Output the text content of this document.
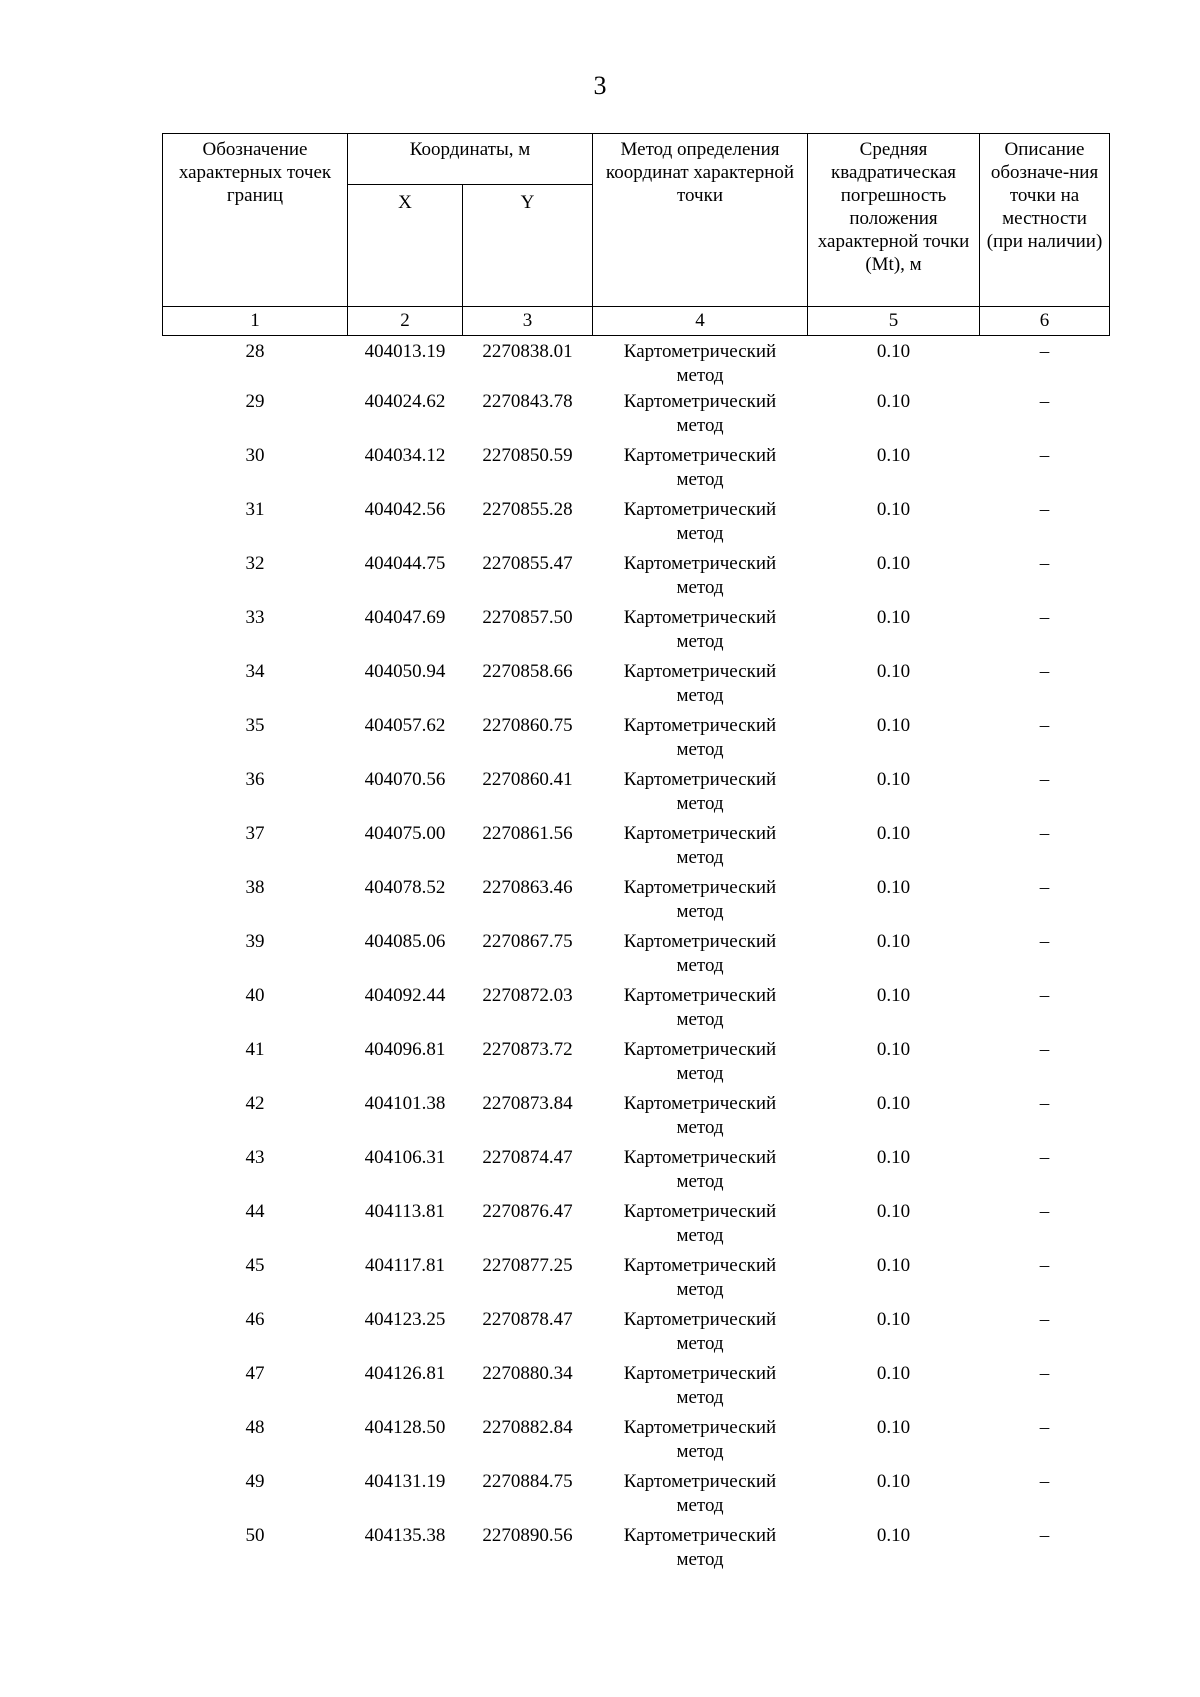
3
Обозначение характерных точек границ	Координаты, м		Метод определения координат характерной точки	Средняя квадратическая погрешность положения характерной точки (Mt), м	Описание обозначе-ния точки на местности (при наличии)
	X	Y			
1	2	3	4	5	6
28	404013.19	2270838.01	Картометрический метод	0.10	–
29	404024.62	2270843.78	Картометрический метод	0.10	–
30	404034.12	2270850.59	Картометрический метод	0.10	–
31	404042.56	2270855.28	Картометрический метод	0.10	–
32	404044.75	2270855.47	Картометрический метод	0.10	–
33	404047.69	2270857.50	Картометрический метод	0.10	–
34	404050.94	2270858.66	Картометрический метод	0.10	–
35	404057.62	2270860.75	Картометрический метод	0.10	–
36	404070.56	2270860.41	Картометрический метод	0.10	–
37	404075.00	2270861.56	Картометрический метод	0.10	–
38	404078.52	2270863.46	Картометрический метод	0.10	–
39	404085.06	2270867.75	Картометрический метод	0.10	–
40	404092.44	2270872.03	Картометрический метод	0.10	–
41	404096.81	2270873.72	Картометрический метод	0.10	–
42	404101.38	2270873.84	Картометрический метод	0.10	–
43	404106.31	2270874.47	Картометрический метод	0.10	–
44	404113.81	2270876.47	Картометрический метод	0.10	–
45	404117.81	2270877.25	Картометрический метод	0.10	–
46	404123.25	2270878.47	Картометрический метод	0.10	–
47	404126.81	2270880.34	Картометрический метод	0.10	–
48	404128.50	2270882.84	Картометрический метод	0.10	–
49	404131.19	2270884.75	Картометрический метод	0.10	–
50	404135.38	2270890.56	Картометрический метод	0.10	–
